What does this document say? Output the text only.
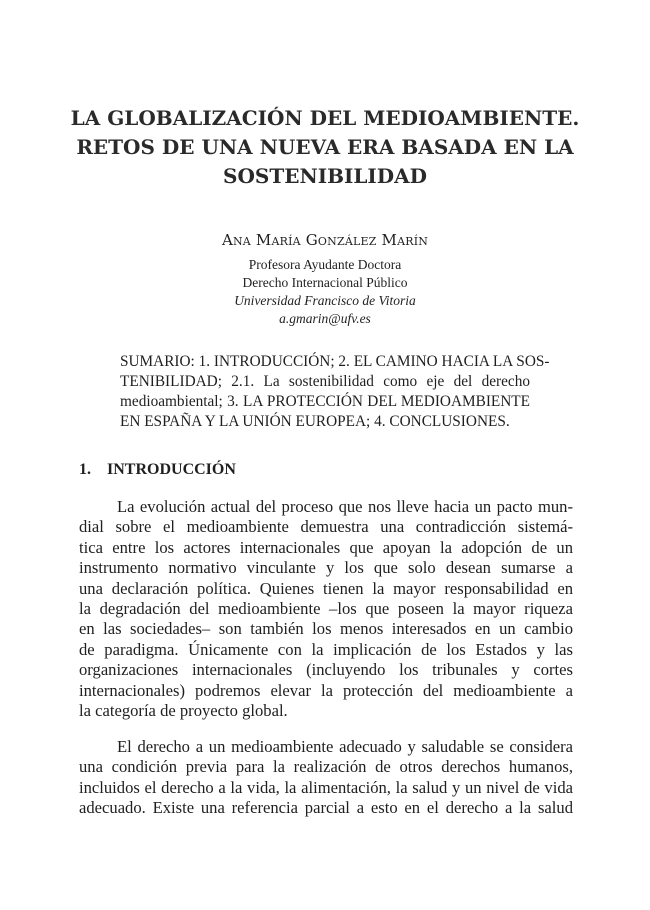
LA GLOBALIZACIÓN DEL MEDIOAMBIENTE.
RETOS DE UNA NUEVA ERA BASADA EN LA
SOSTENIBILIDAD

Ana María González Marín

Profesora Ayudante Doctora

Derecho Internacional Público

Universidad Francisco de Vitoria

a.gmarin@ufv.es

SUMARIO: 1. INTRODUCCIÓN; 2. EL CAMINO HACIA LA SOS-
TENIBILIDAD; 2.1. La sostenibilidad como eje del derecho
medioambiental; 3. LA PROTECCIÓN DEL MEDIOAMBIENTE
EN ESPAÑA Y LA UNIÓN EUROPEA; 4. CONCLUSIONES.

1. INTRODUCCIÓN

La evolución actual del proceso que nos lleve hacia un pacto mun-
dial sobre el medioambiente demuestra una contradicción sistemá-
tica entre los actores internacionales que apoyan la adopción de un
instrumento normativo vinculante y los que solo desean sumarse a
una declaración política. Quienes tienen la mayor responsabilidad en
la degradación del medioambiente –los que poseen la mayor riqueza
en las sociedades– son también los menos interesados en un cambio
de paradigma. Únicamente con la implicación de los Estados y las
organizaciones internacionales (incluyendo los tribunales y cortes
internacionales) podremos elevar la protección del medioambiente a
la categoría de proyecto global.

El derecho a un medioambiente adecuado y saludable se considera
una condición previa para la realización de otros derechos humanos,
incluidos el derecho a la vida, la alimentación, la salud y un nivel de vida
adecuado. Existe una referencia parcial a esto en el derecho a la salud
